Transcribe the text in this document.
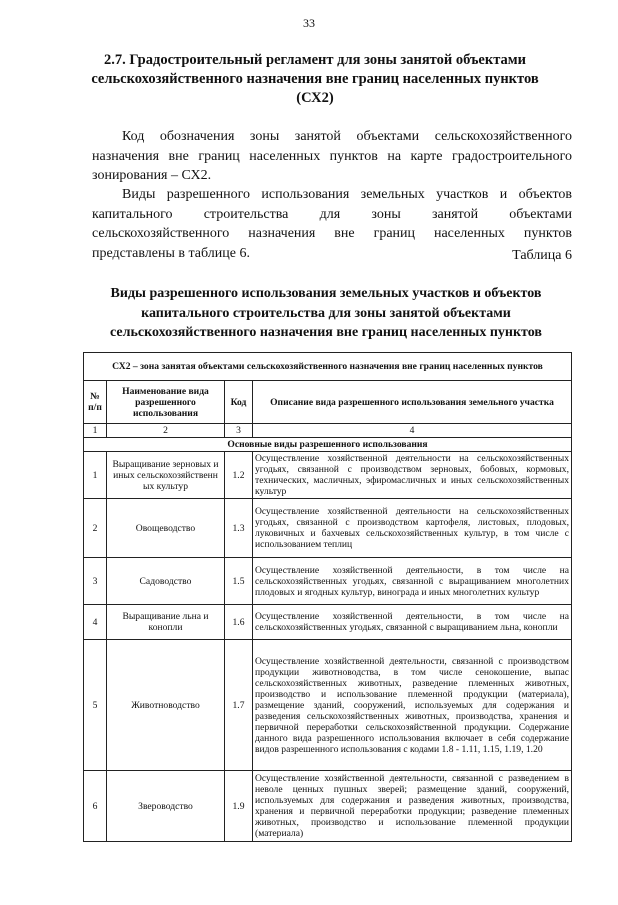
33
2.7. Градостроительный регламент для зоны занятой объектами сельскохозяйственного назначения вне границ населенных пунктов (СХ2)
Код обозначения зоны занятой объектами сельскохозяйственного назначения вне границ населенных пунктов на карте градостроительного зонирования – СХ2.
Виды разрешенного использования земельных участков и объектов капитального строительства для зоны занятой объектами сельскохозяйственного назначения вне границ населенных пунктов представлены в таблице 6.	Таблица 6
Виды разрешенного использования земельных участков и объектов капитального строительства для зоны занятой объектами сельскохозяйственного назначения вне границ населенных пунктов
СХ2 – зона занятая объектами сельскохозяйственного назначения вне границ населенных пунктов			
№ п/п	Наименование вида разрешенного использования	Код	Описание вида разрешенного использования земельного участка
1	2	3	4
Основные виды разрешенного использования			
1	Выращивание зерновых и иных сельскохозяйственн ых культур	1.2	Осуществление хозяйственной деятельности на сельскохозяйственных угодьях, связанной с производством зерновых, бобовых, кормовых, технических, масличных, эфиромасличных и иных сельскохозяйственных культур
2	Овощеводство	1.3	Осуществление хозяйственной деятельности на сельскохозяйственных угодьях, связанной с производством картофеля, листовых, плодовых, луковичных и бахчевых сельскохозяйственных культур, в том числе с использованием теплиц
3	Садоводство	1.5	Осуществление хозяйственной деятельности, в том числе на сельскохозяйственных угодьях, связанной с выращиванием многолетних плодовых и ягодных культур, винограда и иных многолетних культур
4	Выращивание льна и конопли	1.6	Осуществление хозяйственной деятельности, в том числе на сельскохозяйственных угодьях, связанной с выращиванием льна, конопли
5	Животноводство	1.7	Осуществление хозяйственной деятельности, связанной с производством продукции животноводства, в том числе сенокошение, выпас сельскохозяйственных животных, разведение племенных животных, производство и использование племенной продукции (материала), размещение зданий, сооружений, используемых для содержания и разведения сельскохозяйственных животных, производства, хранения и первичной переработки сельскохозяйственной продукции. Содержание данного вида разрешенного использования включает в себя содержание видов разрешенного использования с кодами 1.8 - 1.11, 1.15, 1.19, 1.20
6	Звероводство	1.9	Осуществление хозяйственной деятельности, связанной с разведением в неволе ценных пушных зверей; размещение зданий, сооружений, используемых для содержания и разведения животных, производства, хранения и первичной переработки продукции; разведение племенных животных, производство и использование племенной продукции (материала)
